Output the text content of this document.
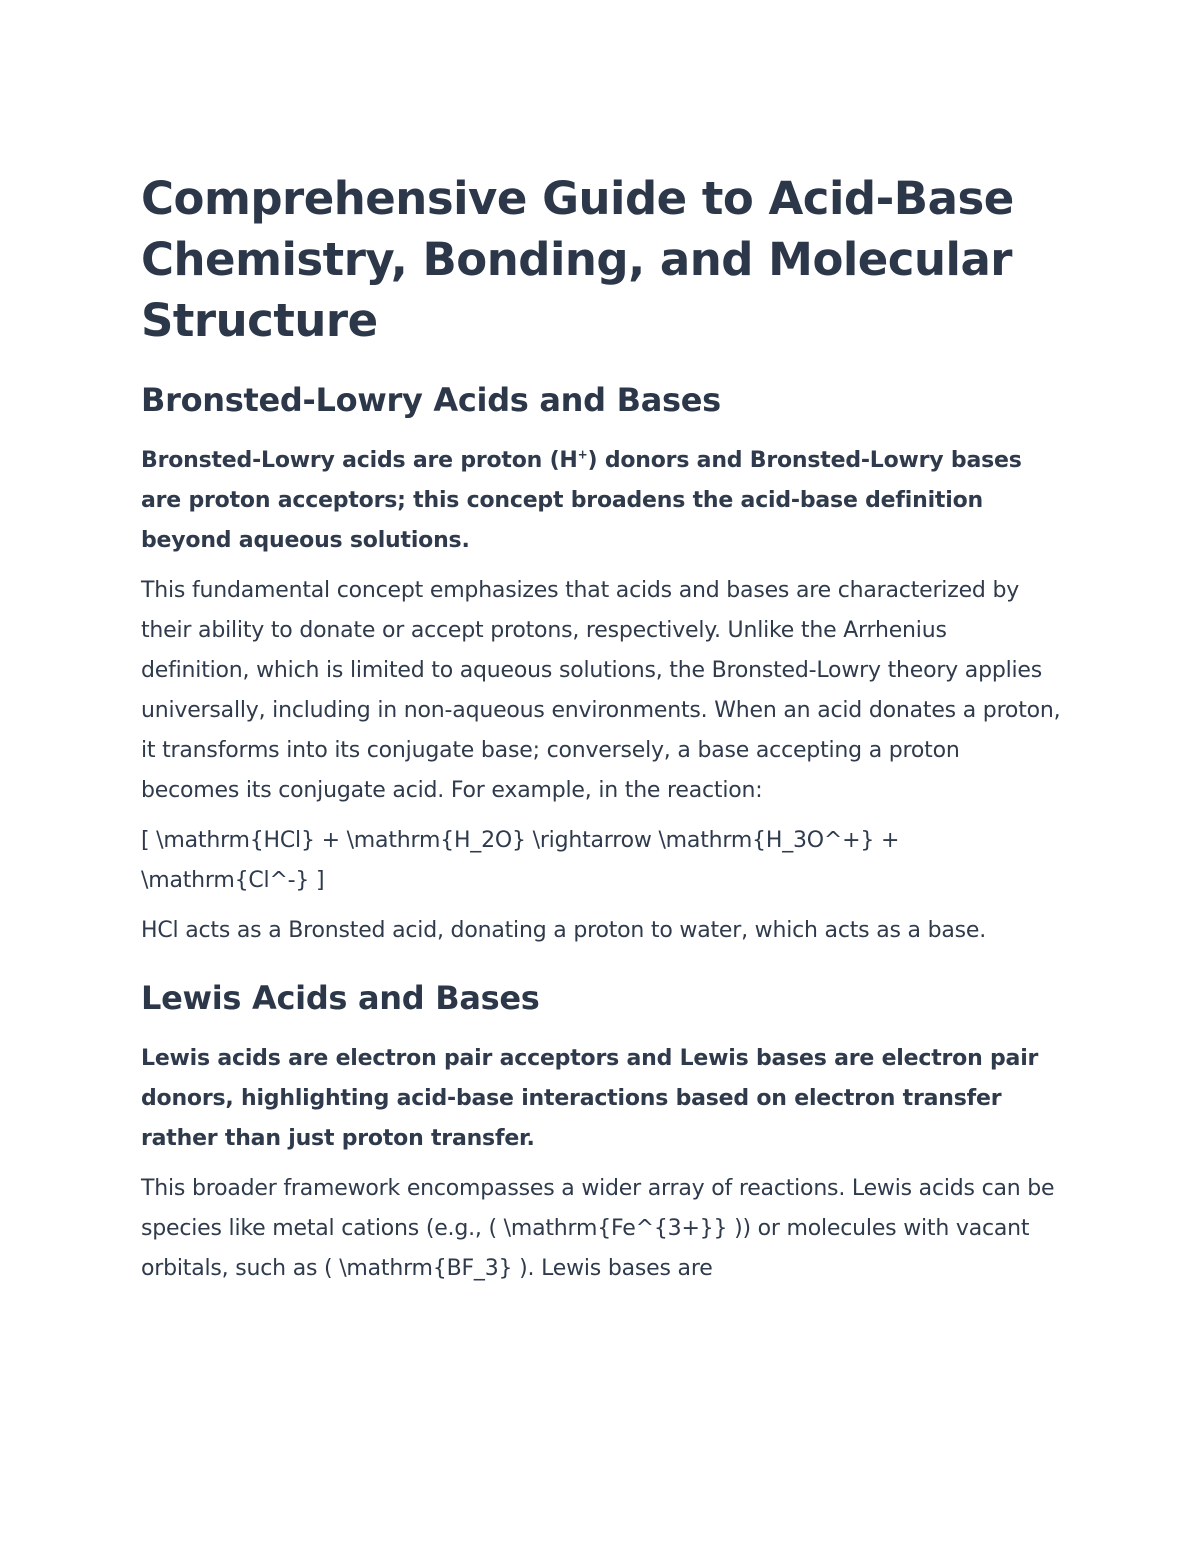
Comprehensive Guide to Acid-Base Chemistry, Bonding, and Molecular Structure
Bronsted-Lowry Acids and Bases

Bronsted-Lowry acids are proton (H+) donors and Bronsted-Lowry bases are proton acceptors; this concept broadens the acid-base definition beyond aqueous solutions.

This fundamental concept emphasizes that acids and bases are characterized by their ability to donate or accept protons, respectively. Unlike the Arrhenius definition, which is limited to aqueous solutions, the Bronsted-Lowry theory applies universally, including in non-aqueous environments. When an acid donates a proton, it transforms into its conjugate base; conversely, a base accepting a proton becomes its conjugate acid. For example, in the reaction:

[ \mathrm{HCl} + \mathrm{H_2O} \rightarrow \mathrm{H_3O^+} + \mathrm{Cl^-} ]

HCl acts as a Bronsted acid, donating a proton to water, which acts as a base.

Lewis Acids and Bases

Lewis acids are electron pair acceptors and Lewis bases are electron pair donors, highlighting acid-base interactions based on electron transfer rather than just proton transfer.

This broader framework encompasses a wider array of reactions. Lewis acids can be species like metal cations (e.g., ( \mathrm{Fe^{3+}} )) or molecules with vacant orbitals, such as ( \mathrm{BF_3} ). Lewis bases are
